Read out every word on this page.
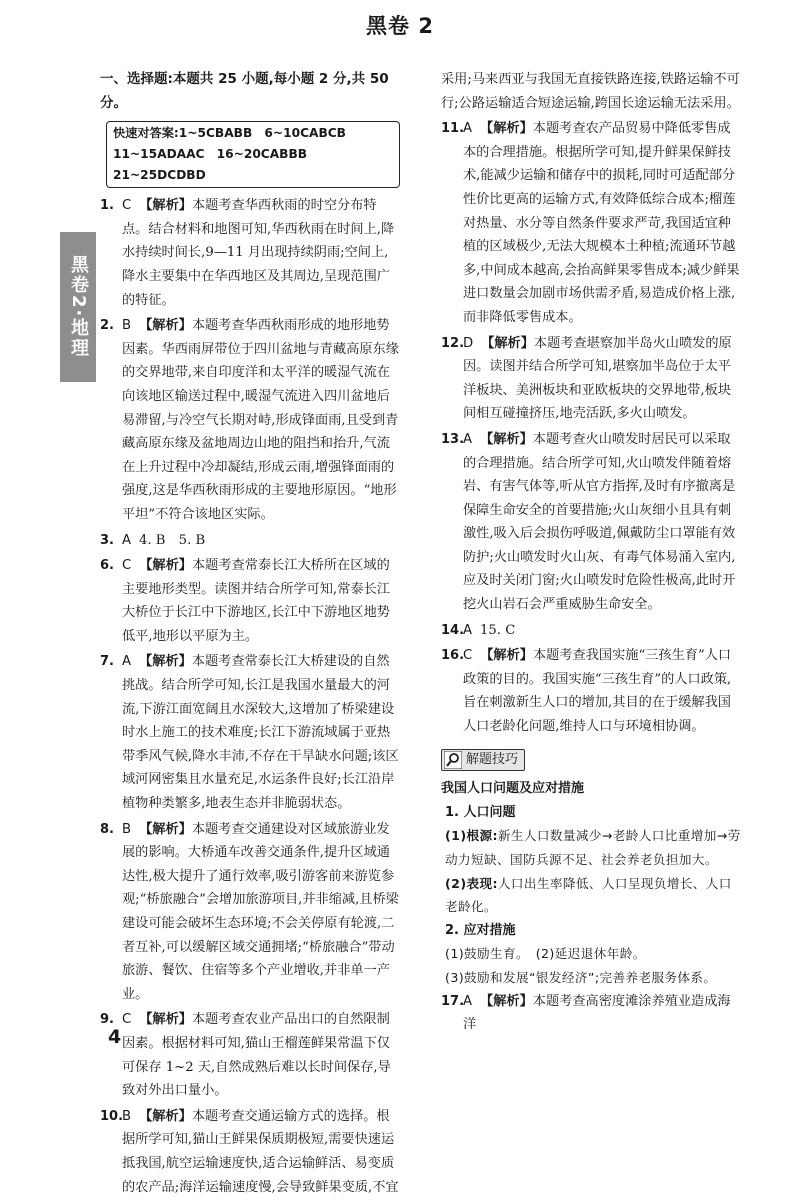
黑卷 2
黑卷2·地理
一、选择题:本题共 25 小题,每小题 2 分,共 50 分。
快速对答案:1~5CBABB　6~10CABCB
11~15ADAAC　16~20CABBB　21~25DCDBD
1. C 【解析】本题考查华西秋雨的时空分布特点。结合材料和地图可知,华西秋雨在时间上,降水持续时间长,9—11 月出现持续阴雨;空间上,降水主要集中在华西地区及其周边,呈现范围广的特征。
2. B 【解析】本题考查华西秋雨形成的地形地势因素。华西雨屏带位于四川盆地与青藏高原东缘的交界地带,来自印度洋和太平洋的暖湿气流在向该地区输送过程中,暖湿气流进入四川盆地后易滞留,与冷空气长期对峙,形成锋面雨,且受到青藏高原东缘及盆地周边山地的阻挡和抬升,气流在上升过程中冷却凝结,形成云雨,增强锋面雨的强度,这是华西秋雨形成的主要地形原因。“地形平坦”不符合该地区实际。
3. A 4. B　5. B
6. C 【解析】本题考查常泰长江大桥所在区域的主要地形类型。读图并结合所学可知,常泰长江大桥位于长江中下游地区,长江中下游地区地势低平,地形以平原为主。
7. A 【解析】本题考查常泰长江大桥建设的自然挑战。结合所学可知,长江是我国水量最大的河流,下游江面宽阔且水深较大,这增加了桥梁建设时水上施工的技术难度;长江下游流域属于亚热带季风气候,降水丰沛,不存在干旱缺水问题;该区域河网密集且水量充足,水运条件良好;长江沿岸植物种类繁多,地表生态并非脆弱状态。
8. B 【解析】本题考查交通建设对区域旅游业发展的影响。大桥通车改善交通条件,提升区域通达性,极大提升了通行效率,吸引游客前来游览参观;“桥旅融合”会增加旅游项目,并非缩减,且桥梁建设可能会破坏生态环境;不会关停原有轮渡,二者互补,可以缓解区域交通拥堵;“桥旅融合”带动旅游、餐饮、住宿等多个产业增收,并非单一产业。
9. C 【解析】本题考查农业产品出口的自然限制因素。根据材料可知,猫山王榴莲鲜果常温下仅可保存 1~2 天,自然成熟后难以长时间保存,导致对外出口量小。
10.
B 【解析】本题考查交通运输方式的选择。根据所学可知,猫山王鲜果保质期极短,需要快速运抵我国,航空运输速度快,适合运输鲜活、易变质的农产品;海洋运输速度慢,会导致鲜果变质,不宜
采用;马来西亚与我国无直接铁路连接,铁路运输不可行;公路运输适合短途运输,跨国长途运输无法采用。
11.
A 【解析】本题考查农产品贸易中降低零售成本的合理措施。根据所学可知,提升鲜果保鲜技术,能减少运输和储存中的损耗,同时可适配部分性价比更高的运输方式,有效降低综合成本;榴莲对热量、水分等自然条件要求严苛,我国适宜种植的区域极少,无法大规模本土种植;流通环节越多,中间成本越高,会抬高鲜果零售成本;减少鲜果进口数量会加剧市场供需矛盾,易造成价格上涨,而非降低零售成本。
12.
D 【解析】本题考查堪察加半岛火山喷发的原因。读图并结合所学可知,堪察加半岛位于太平洋板块、美洲板块和亚欧板块的交界地带,板块间相互碰撞挤压,地壳活跃,多火山喷发。
13.
A 【解析】本题考查火山喷发时居民可以采取的合理措施。结合所学可知,火山喷发伴随着熔岩、有害气体等,听从官方指挥,及时有序撤离是保障生命安全的首要措施;火山灰细小且具有刺激性,吸入后会损伤呼吸道,佩戴防尘口罩能有效防护;火山喷发时火山灰、有毒气体易涌入室内,应及时关闭门窗;火山喷发时危险性极高,此时开挖火山岩石会严重威胁生命安全。
14.
A 15. C
16.
C 【解析】本题考查我国实施“三孩生育”人口政策的目的。我国实施“三孩生育”的人口政策,旨在刺激新生人口的增加,其目的在于缓解我国人口老龄化问题,维持人口与环境相协调。
解题技巧
我国人口问题及应对措施
1. 人口问题
(1)根源:新生人口数量减少→老龄人口比重增加→劳动力短缺、国防兵源不足、社会养老负担加大。
(2)表现:人口出生率降低、人口呈现负增长、人口老龄化。
2. 应对措施
(1)鼓励生育。　(2)延迟退休年龄。
(3)鼓励和发展“银发经济”;完善养老服务体系。
17.
A 【解析】本题考查高密度滩涂养殖业造成海洋
4
